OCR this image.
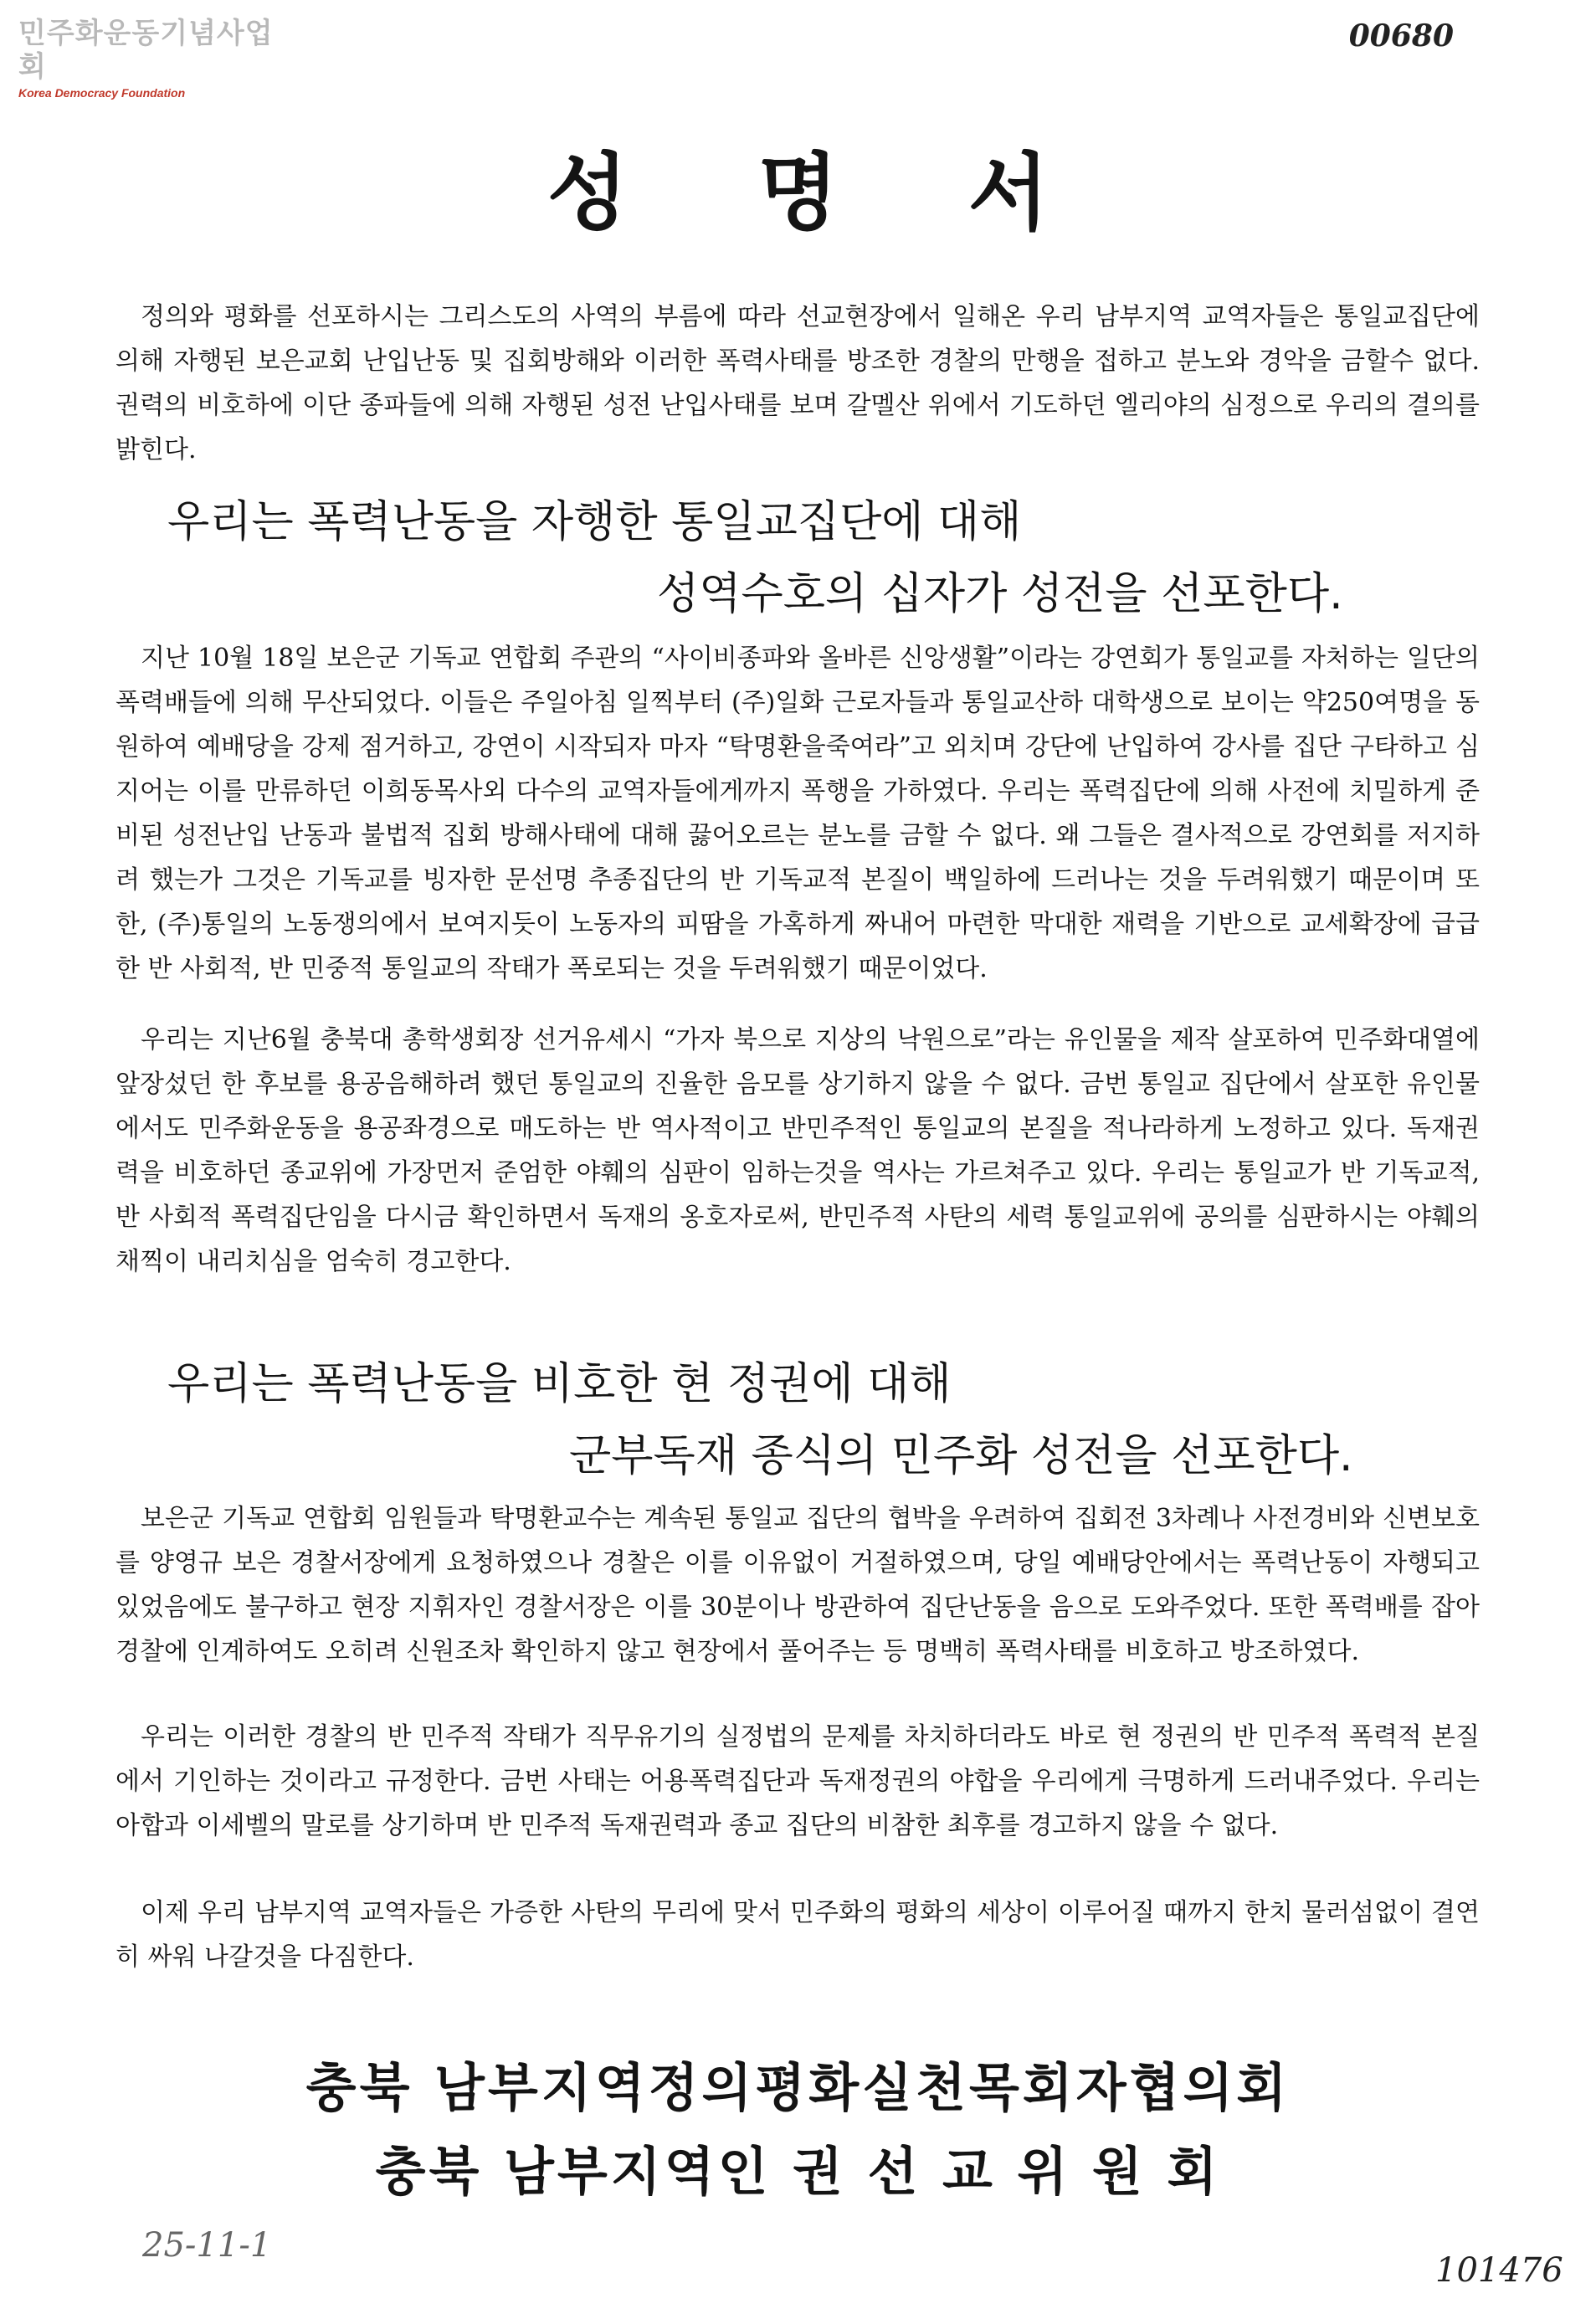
민주화운동기념사업회
Korea Democracy Foundation
00680
성 명 서

정의와 평화를 선포하시는 그리스도의 사역의 부름에 따라 선교현장에서 일해온 우리 남부지역 교역자들은 통일교집단에 의해 자행된 보은교회 난입난동 및 집회방해와 이러한 폭력사태를 방조한 경찰의 만행을 접하고 분노와 경악을 금할수 없다. 권력의 비호하에 이단 종파들에 의해 자행된 성전 난입사태를 보며 갈멜산 위에서 기도하던 엘리야의 심정으로 우리의 결의를 밝힌다.

우리는 폭력난동을 자행한 통일교집단에 대해
성역수호의 십자가 성전을 선포한다.

지난 10월 18일 보은군 기독교 연합회 주관의 “사이비종파와 올바른 신앙생활”이라는 강연회가 통일교를 자처하는 일단의 폭력배들에 의해 무산되었다. 이들은 주일아침 일찍부터 (주)일화 근로자들과 통일교산하 대학생으로 보이는 약250여명을 동원하여 예배당을 강제 점거하고, 강연이 시작되자 마자 “탁명환을죽여라”고 외치며 강단에 난입하여 강사를 집단 구타하고 심지어는 이를 만류하던 이희동목사외 다수의 교역자들에게까지 폭행을 가하였다. 우리는 폭력집단에 의해 사전에 치밀하게 준비된 성전난입 난동과 불법적 집회 방해사태에 대해 끓어오르는 분노를 금할 수 없다. 왜 그들은 결사적으로 강연회를 저지하려 했는가 그것은 기독교를 빙자한 문선명 추종집단의 반 기독교적 본질이 백일하에 드러나는 것을 두려워했기 때문이며 또한, (주)통일의 노동쟁의에서 보여지듯이 노동자의 피땀을 가혹하게 짜내어 마련한 막대한 재력을 기반으로 교세확장에 급급한 반 사회적, 반 민중적 통일교의 작태가 폭로되는 것을 두려워했기 때문이었다.

우리는 지난6월 충북대 총학생회장 선거유세시 “가자 북으로 지상의 낙원으로”라는 유인물을 제작 살포하여 민주화대열에 앞장섰던 한 후보를 용공음해하려 했던 통일교의 진율한 음모를 상기하지 않을 수 없다. 금번 통일교 집단에서 살포한 유인물에서도 민주화운동을 용공좌경으로 매도하는 반 역사적이고 반민주적인 통일교의 본질을 적나라하게 노정하고 있다. 독재권력을 비호하던 종교위에 가장먼저 준엄한 야훼의 심판이 임하는것을 역사는 가르쳐주고 있다. 우리는 통일교가 반 기독교적, 반 사회적 폭력집단임을 다시금 확인하면서 독재의 옹호자로써, 반민주적 사탄의 세력 통일교위에 공의를 심판하시는 야훼의 채찍이 내리치심을 엄숙히 경고한다.

우리는 폭력난동을 비호한 현 정권에 대해
군부독재 종식의 민주화 성전을 선포한다.

보은군 기독교 연합회 임원들과 탁명환교수는 계속된 통일교 집단의 협박을 우려하여 집회전 3차례나 사전경비와 신변보호를 양영규 보은 경찰서장에게 요청하였으나 경찰은 이를 이유없이 거절하였으며, 당일 예배당안에서는 폭력난동이 자행되고 있었음에도 불구하고 현장 지휘자인 경찰서장은 이를 30분이나 방관하여 집단난동을 음으로 도와주었다. 또한 폭력배를 잡아 경찰에 인계하여도 오히려 신원조차 확인하지 않고 현장에서 풀어주는 등 명백히 폭력사태를 비호하고 방조하였다.

우리는 이러한 경찰의 반 민주적 작태가 직무유기의 실정법의 문제를 차치하더라도 바로 현 정권의 반 민주적 폭력적 본질에서 기인하는 것이라고 규정한다. 금번 사태는 어용폭력집단과 독재정권의 야합을 우리에게 극명하게 드러내주었다. 우리는 아합과 이세벨의 말로를 상기하며 반 민주적 독재권력과 종교 집단의 비참한 최후를 경고하지 않을 수 없다.

이제 우리 남부지역 교역자들은 가증한 사탄의 무리에 맞서 민주화의 평화의 세상이 이루어질 때까지 한치 물러섬없이 결연히 싸워 나갈것을 다짐한다.

충북 남부지역정의평화실천목회자협의회
충북 남부지역인 권 선 교 위 원 회
25-11-1
101476
